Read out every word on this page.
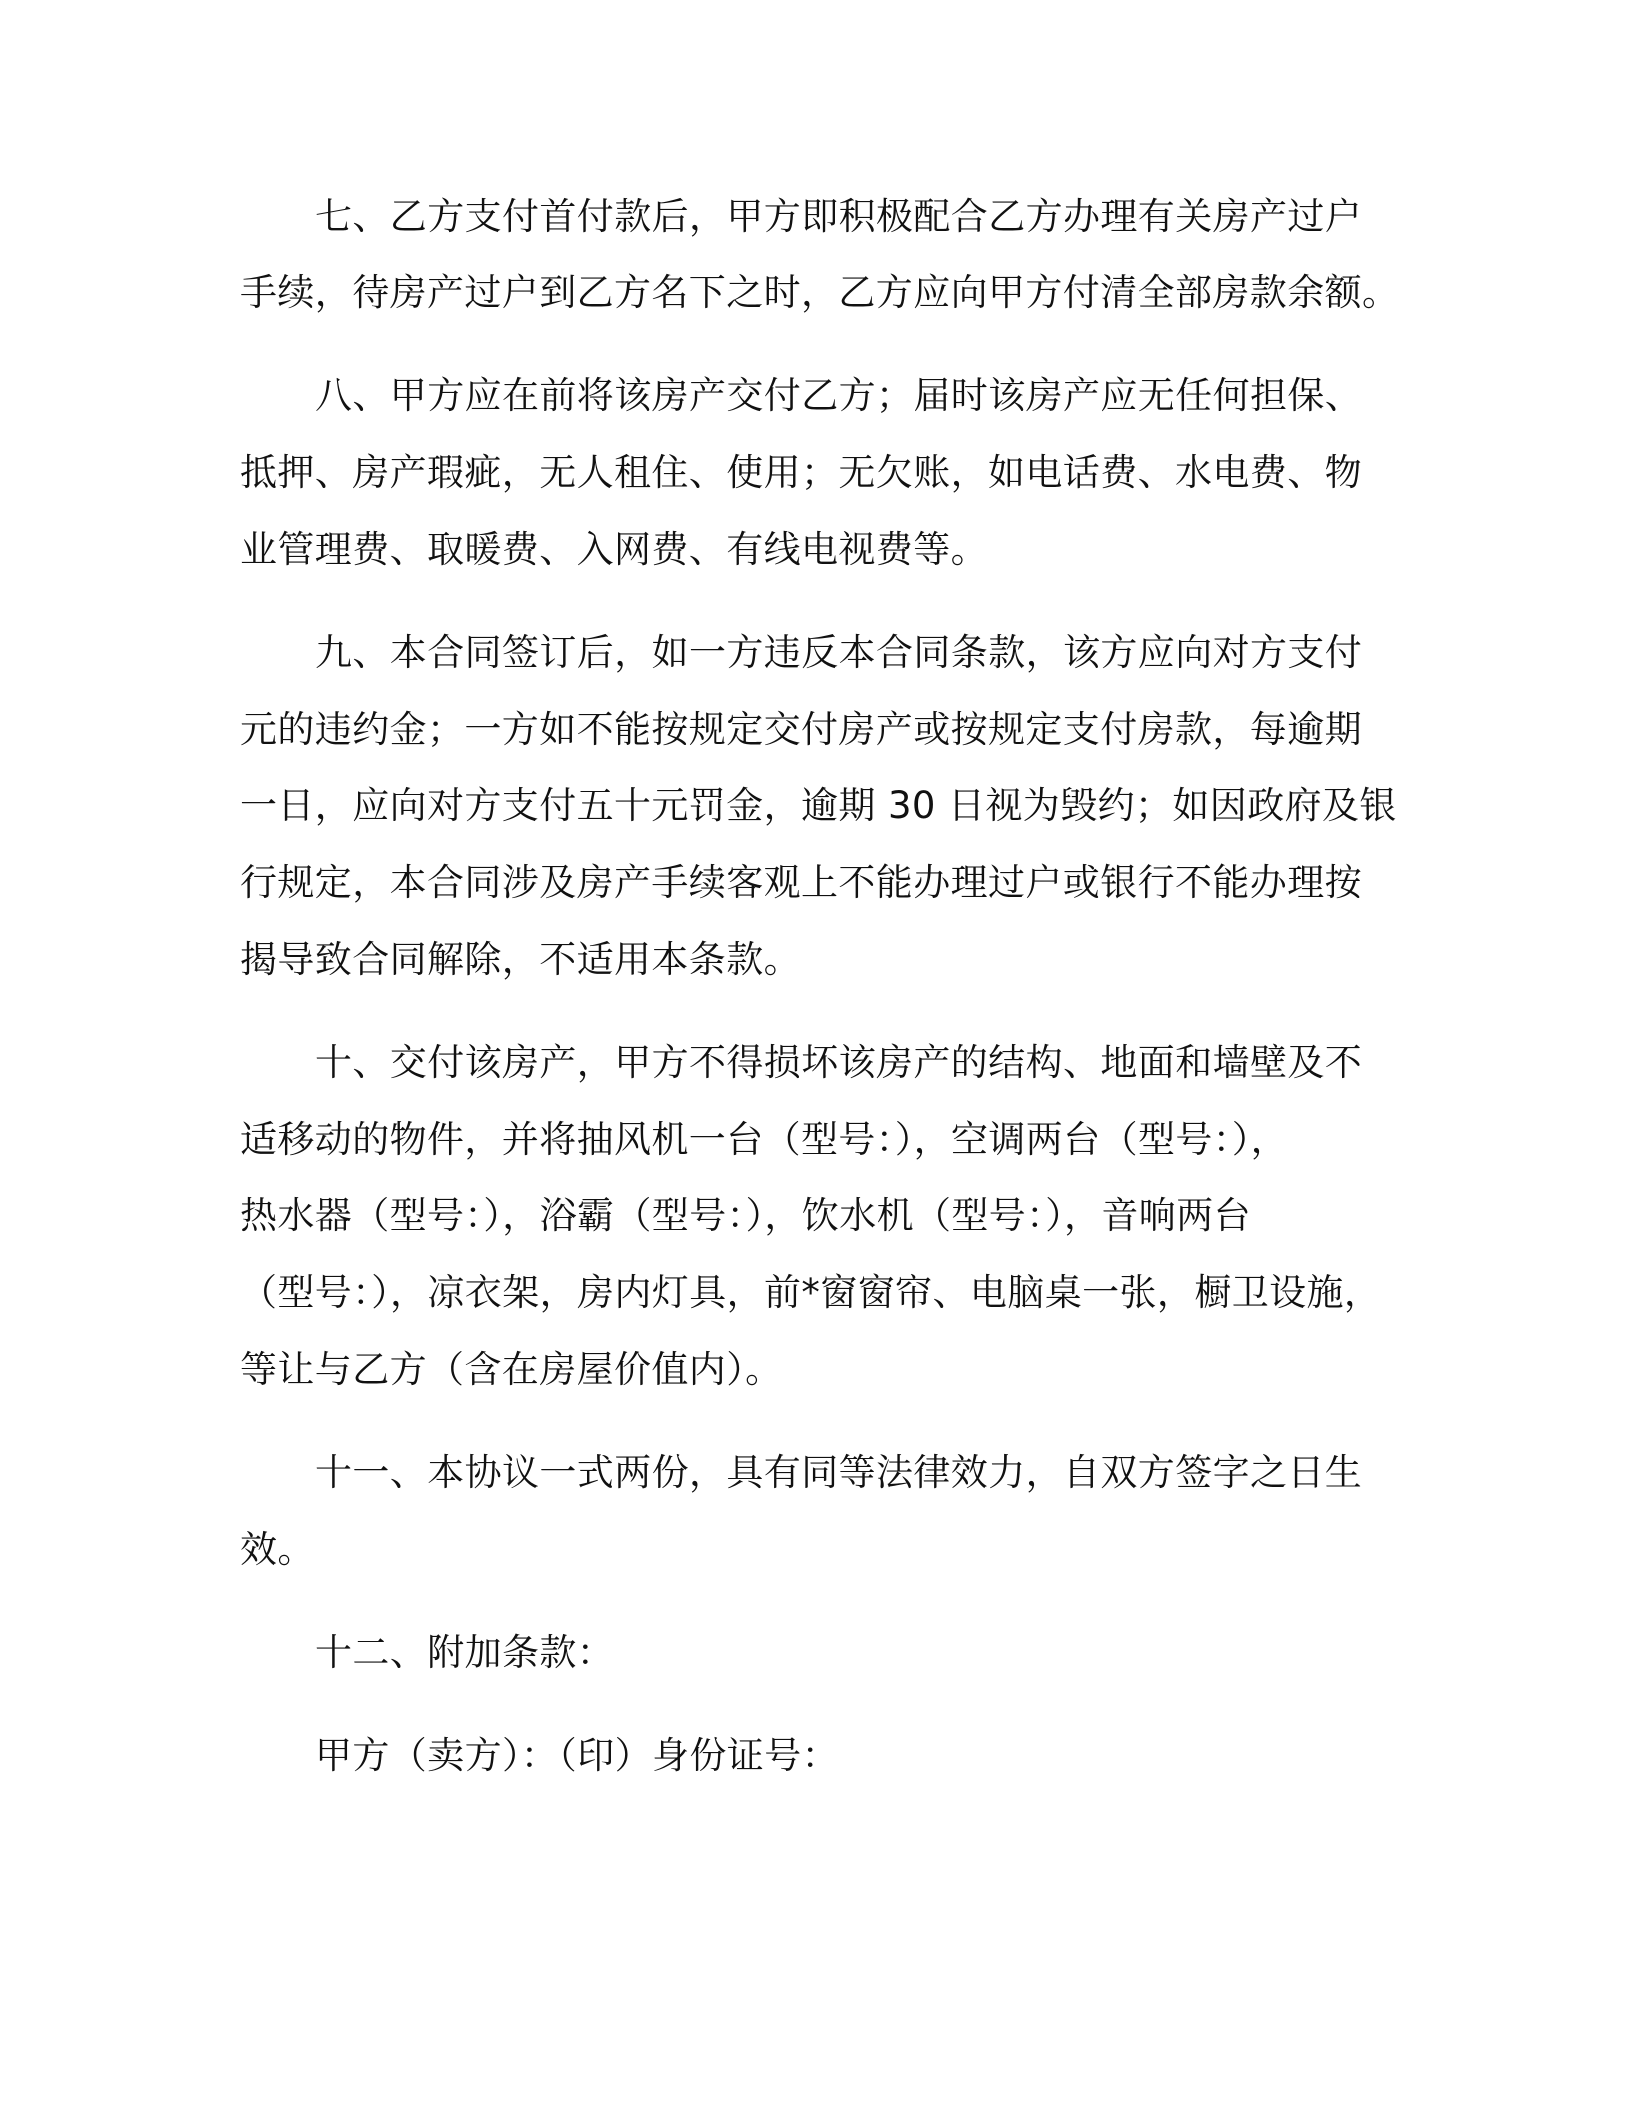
七、乙方支付首付款后，甲方即积极配合乙方办理有关房产过户
手续，待房产过户到乙方名下之时，乙方应向甲方付清全部房款余额。
八、甲方应在前将该房产交付乙方；届时该房产应无任何担保、
抵押、房产瑕疵，无人租住、使用；无欠账，如电话费、水电费、物
业管理费、取暖费、入网费、有线电视费等。
九、本合同签订后，如一方违反本合同条款，该方应向对方支付
元的违约金；一方如不能按规定交付房产或按规定支付房款，每逾期
一日，应向对方支付五十元罚金，逾期 30 日视为毁约；如因政府及银
行规定，本合同涉及房产手续客观上不能办理过户或银行不能办理按
揭导致合同解除，不适用本条款。
十、交付该房产，甲方不得损坏该房产的结构、地面和墙壁及不
适移动的物件，并将抽风机一台（型号：），空调两台（型号：），
热水器（型号：），浴霸（型号：），饮水机（型号：），音响两台
（型号：），凉衣架，房内灯具，前*窗窗帘、电脑桌一张，橱卫设施，
等让与乙方（含在房屋价值内）。
十一、本协议一式两份，具有同等法律效力，自双方签字之日生
效。
十二、附加条款：
甲方（卖方）：（印）身份证号：
